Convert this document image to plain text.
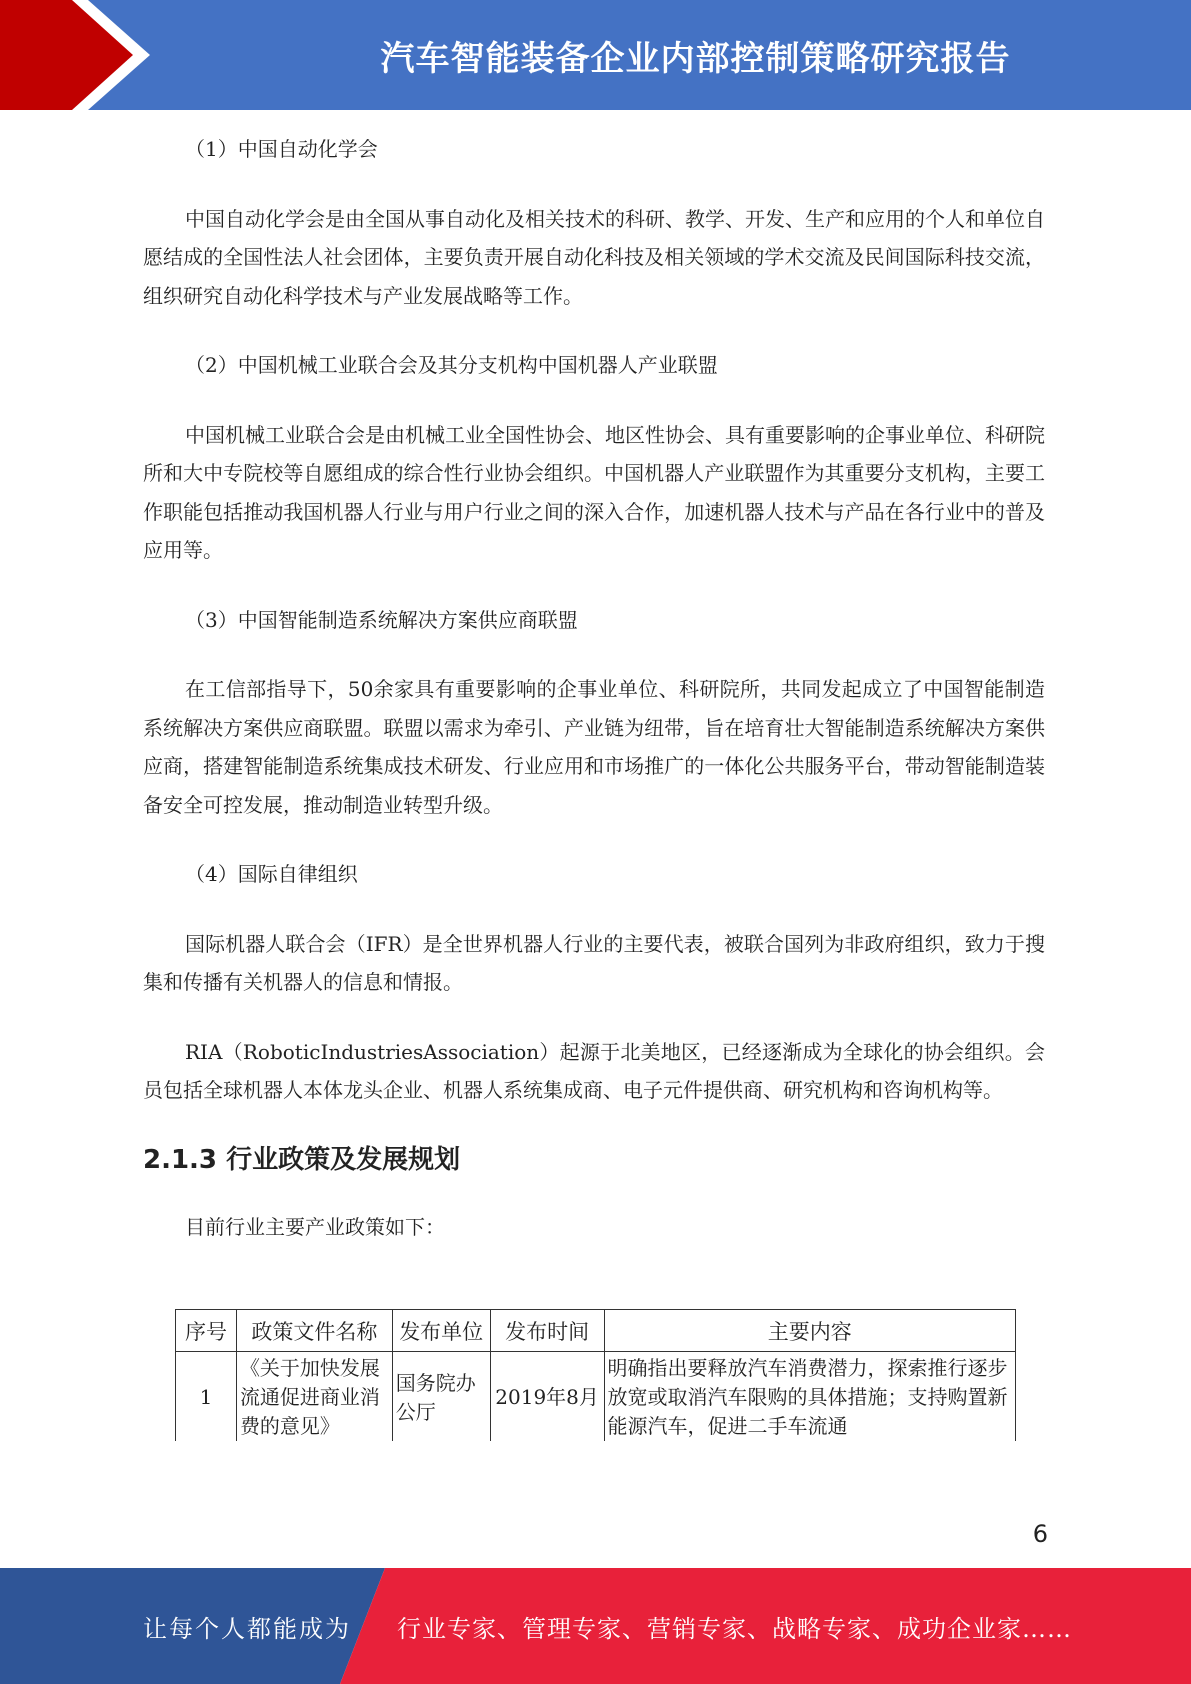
汽车智能装备企业内部控制策略研究报告

（1）中国自动化学会

中国自动化学会是由全国从事自动化及相关技术的科研、教学、开发、生产和应用的个人和单位自愿结成的全国性法人社会团体，主要负责开展自动化科技及相关领域的学术交流及民间国际科技交流，组织研究自动化科学技术与产业发展战略等工作。

（2）中国机械工业联合会及其分支机构中国机器人产业联盟

中国机械工业联合会是由机械工业全国性协会、地区性协会、具有重要影响的企事业单位、科研院所和大中专院校等自愿组成的综合性行业协会组织。中国机器人产业联盟作为其重要分支机构，主要工作职能包括推动我国机器人行业与用户行业之间的深入合作，加速机器人技术与产品在各行业中的普及应用等。

（3）中国智能制造系统解决方案供应商联盟

在工信部指导下，50余家具有重要影响的企事业单位、科研院所，共同发起成立了中国智能制造系统解决方案供应商联盟。联盟以需求为牵引、产业链为纽带，旨在培育壮大智能制造系统解决方案供应商，搭建智能制造系统集成技术研发、行业应用和市场推广的一体化公共服务平台，带动智能制造装备安全可控发展，推动制造业转型升级。

（4）国际自律组织

国际机器人联合会（IFR）是全世界机器人行业的主要代表，被联合国列为非政府组织，致力于搜集和传播有关机器人的信息和情报。

RIA（RoboticIndustriesAssociation）起源于北美地区，已经逐渐成为全球化的协会组织。会员包括全球机器人本体龙头企业、机器人系统集成商、电子元件提供商、研究机构和咨询机构等。

2.1.3 行业政策及发展规划

目前行业主要产业政策如下：

序号	政策文件名称	发布单位	发布时间	主要内容
1	《关于加快发展流通促进商业消费的意见》	国务院办公厅	2019年8月	明确指出要释放汽车消费潜力，探索推行逐步放宽或取消汽车限购的具体措施；支持购置新能源汽车，促进二手车流通
6
让每个人都能成为 行业专家、管理专家、营销专家、战略专家、成功企业家……
